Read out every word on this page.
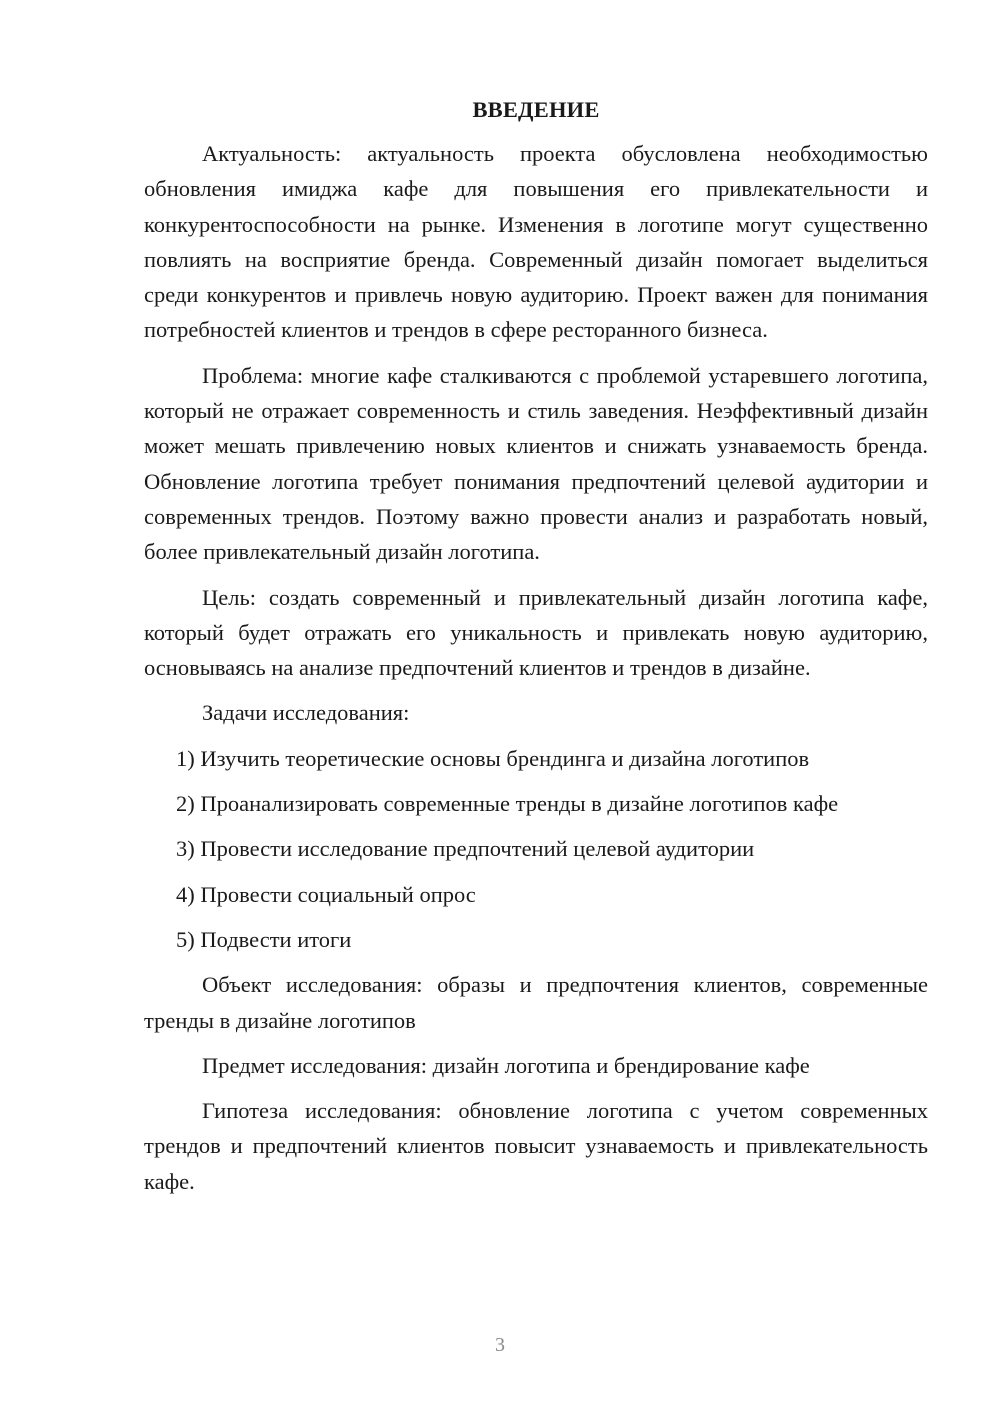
ВВЕДЕНИЕ

Актуальность: актуальность проекта обусловлена необходимостью обновления имиджа кафе для повышения его привлекательности и конкурентоспособности на рынке. Изменения в логотипе могут существенно повлиять на восприятие бренда. Современный дизайн помогает выделиться среди конкурентов и привлечь новую аудиторию. Проект важен для понимания потребностей клиентов и трендов в сфере ресторанного бизнеса.

Проблема: многие кафе сталкиваются с проблемой устаревшего логотипа, который не отражает современность и стиль заведения. Неэффективный дизайн может мешать привлечению новых клиентов и снижать узнаваемость бренда. Обновление логотипа требует понимания предпочтений целевой аудитории и современных трендов. Поэтому важно провести анализ и разработать новый, более привлекательный дизайн логотипа.

Цель: создать современный и привлекательный дизайн логотипа кафе, который будет отражать его уникальность и привлекать новую аудиторию, основываясь на анализе предпочтений клиентов и трендов в дизайне.

Задачи исследования:

1) Изучить теоретические основы брендинга и дизайна логотипов
2) Проанализировать современные тренды в дизайне логотипов кафе
3) Провести исследование предпочтений целевой аудитории
4) Провести социальный опрос
5) Подвести итоги

Объект исследования: образы и предпочтения клиентов, современные тренды в дизайне логотипов

Предмет исследования: дизайн логотипа и брендирование кафе

Гипотеза исследования: обновление логотипа с учетом современных трендов и предпочтений клиентов повысит узнаваемость и привлекательность кафе.

3
